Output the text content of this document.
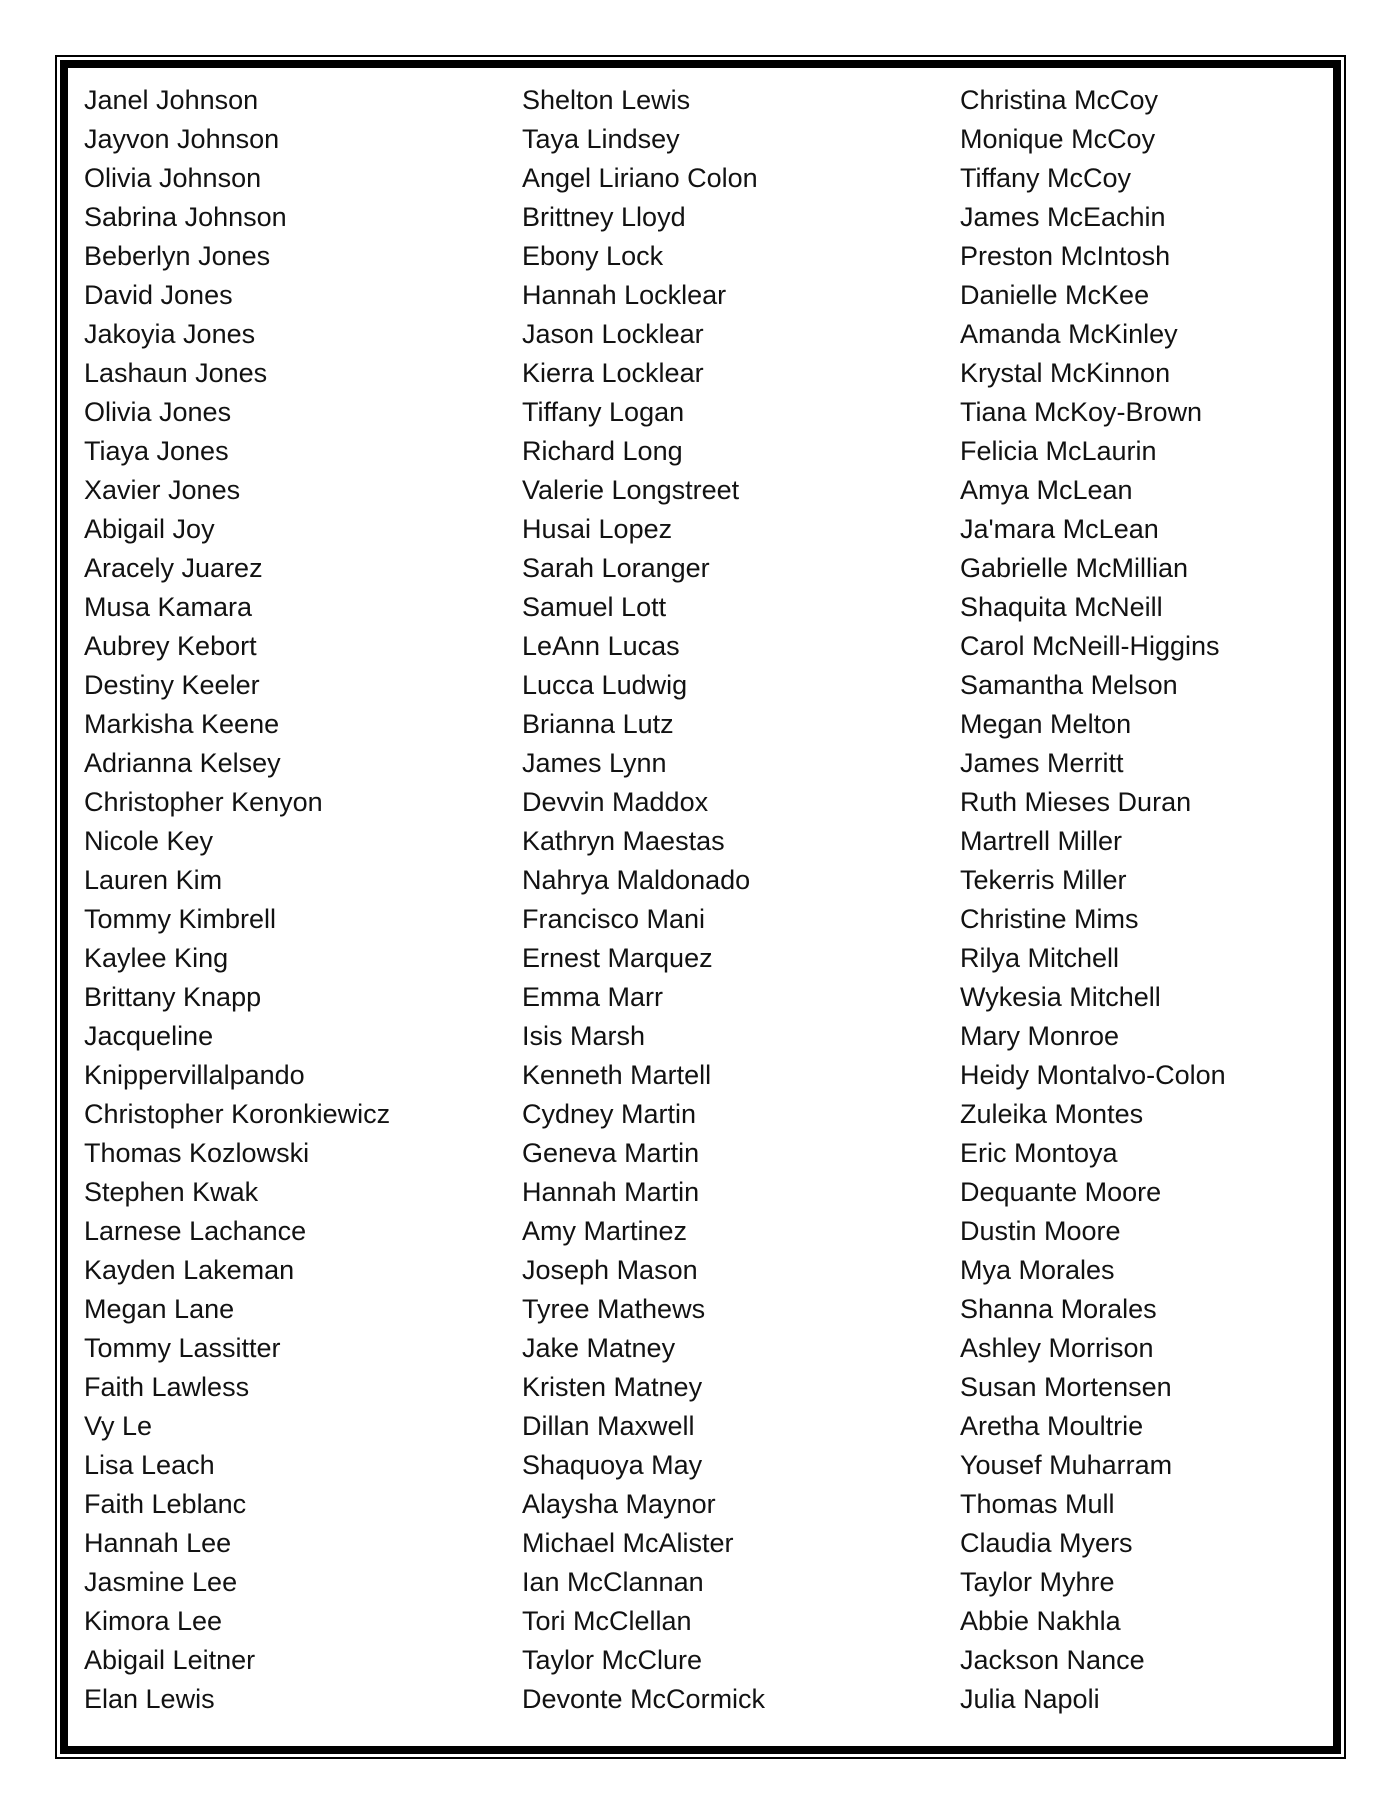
Janel Johnson
Jayvon Johnson
Olivia Johnson
Sabrina Johnson
Beberlyn Jones
David Jones
Jakoyia Jones
Lashaun Jones
Olivia Jones
Tiaya Jones
Xavier Jones
Abigail Joy
Aracely Juarez
Musa Kamara
Aubrey Kebort
Destiny Keeler
Markisha Keene
Adrianna Kelsey
Christopher Kenyon
Nicole Key
Lauren Kim
Tommy Kimbrell
Kaylee King
Brittany Knapp
Jacqueline
Knippervillalpando
Christopher Koronkiewicz
Thomas Kozlowski
Stephen Kwak
Larnese Lachance
Kayden Lakeman
Megan Lane
Tommy Lassitter
Faith Lawless
Vy Le
Lisa Leach
Faith Leblanc
Hannah Lee
Jasmine Lee
Kimora Lee
Abigail Leitner
Elan Lewis
Shelton Lewis
Taya Lindsey
Angel Liriano Colon
Brittney Lloyd
Ebony Lock
Hannah Locklear
Jason Locklear
Kierra Locklear
Tiffany Logan
Richard Long
Valerie Longstreet
Husai Lopez
Sarah Loranger
Samuel Lott
LeAnn Lucas
Lucca Ludwig
Brianna Lutz
James Lynn
Devvin Maddox
Kathryn Maestas
Nahrya Maldonado
Francisco Mani
Ernest Marquez
Emma Marr
Isis Marsh
Kenneth Martell
Cydney Martin
Geneva Martin
Hannah Martin
Amy Martinez
Joseph Mason
Tyree Mathews
Jake Matney
Kristen Matney
Dillan Maxwell
Shaquoya May
Alaysha Maynor
Michael McAlister
Ian McClannan
Tori McClellan
Taylor McClure
Devonte McCormick
Christina McCoy
Monique McCoy
Tiffany McCoy
James McEachin
Preston McIntosh
Danielle McKee
Amanda McKinley
Krystal McKinnon
Tiana McKoy-Brown
Felicia McLaurin
Amya McLean
Ja'mara McLean
Gabrielle McMillian
Shaquita McNeill
Carol McNeill-Higgins
Samantha Melson
Megan Melton
James Merritt
Ruth Mieses Duran
Martrell Miller
Tekerris Miller
Christine Mims
Rilya Mitchell
Wykesia Mitchell
Mary Monroe
Heidy Montalvo-Colon
Zuleika Montes
Eric Montoya
Dequante Moore
Dustin Moore
Mya Morales
Shanna Morales
Ashley Morrison
Susan Mortensen
Aretha Moultrie
Yousef Muharram
Thomas Mull
Claudia Myers
Taylor Myhre
Abbie Nakhla
Jackson Nance
Julia Napoli
